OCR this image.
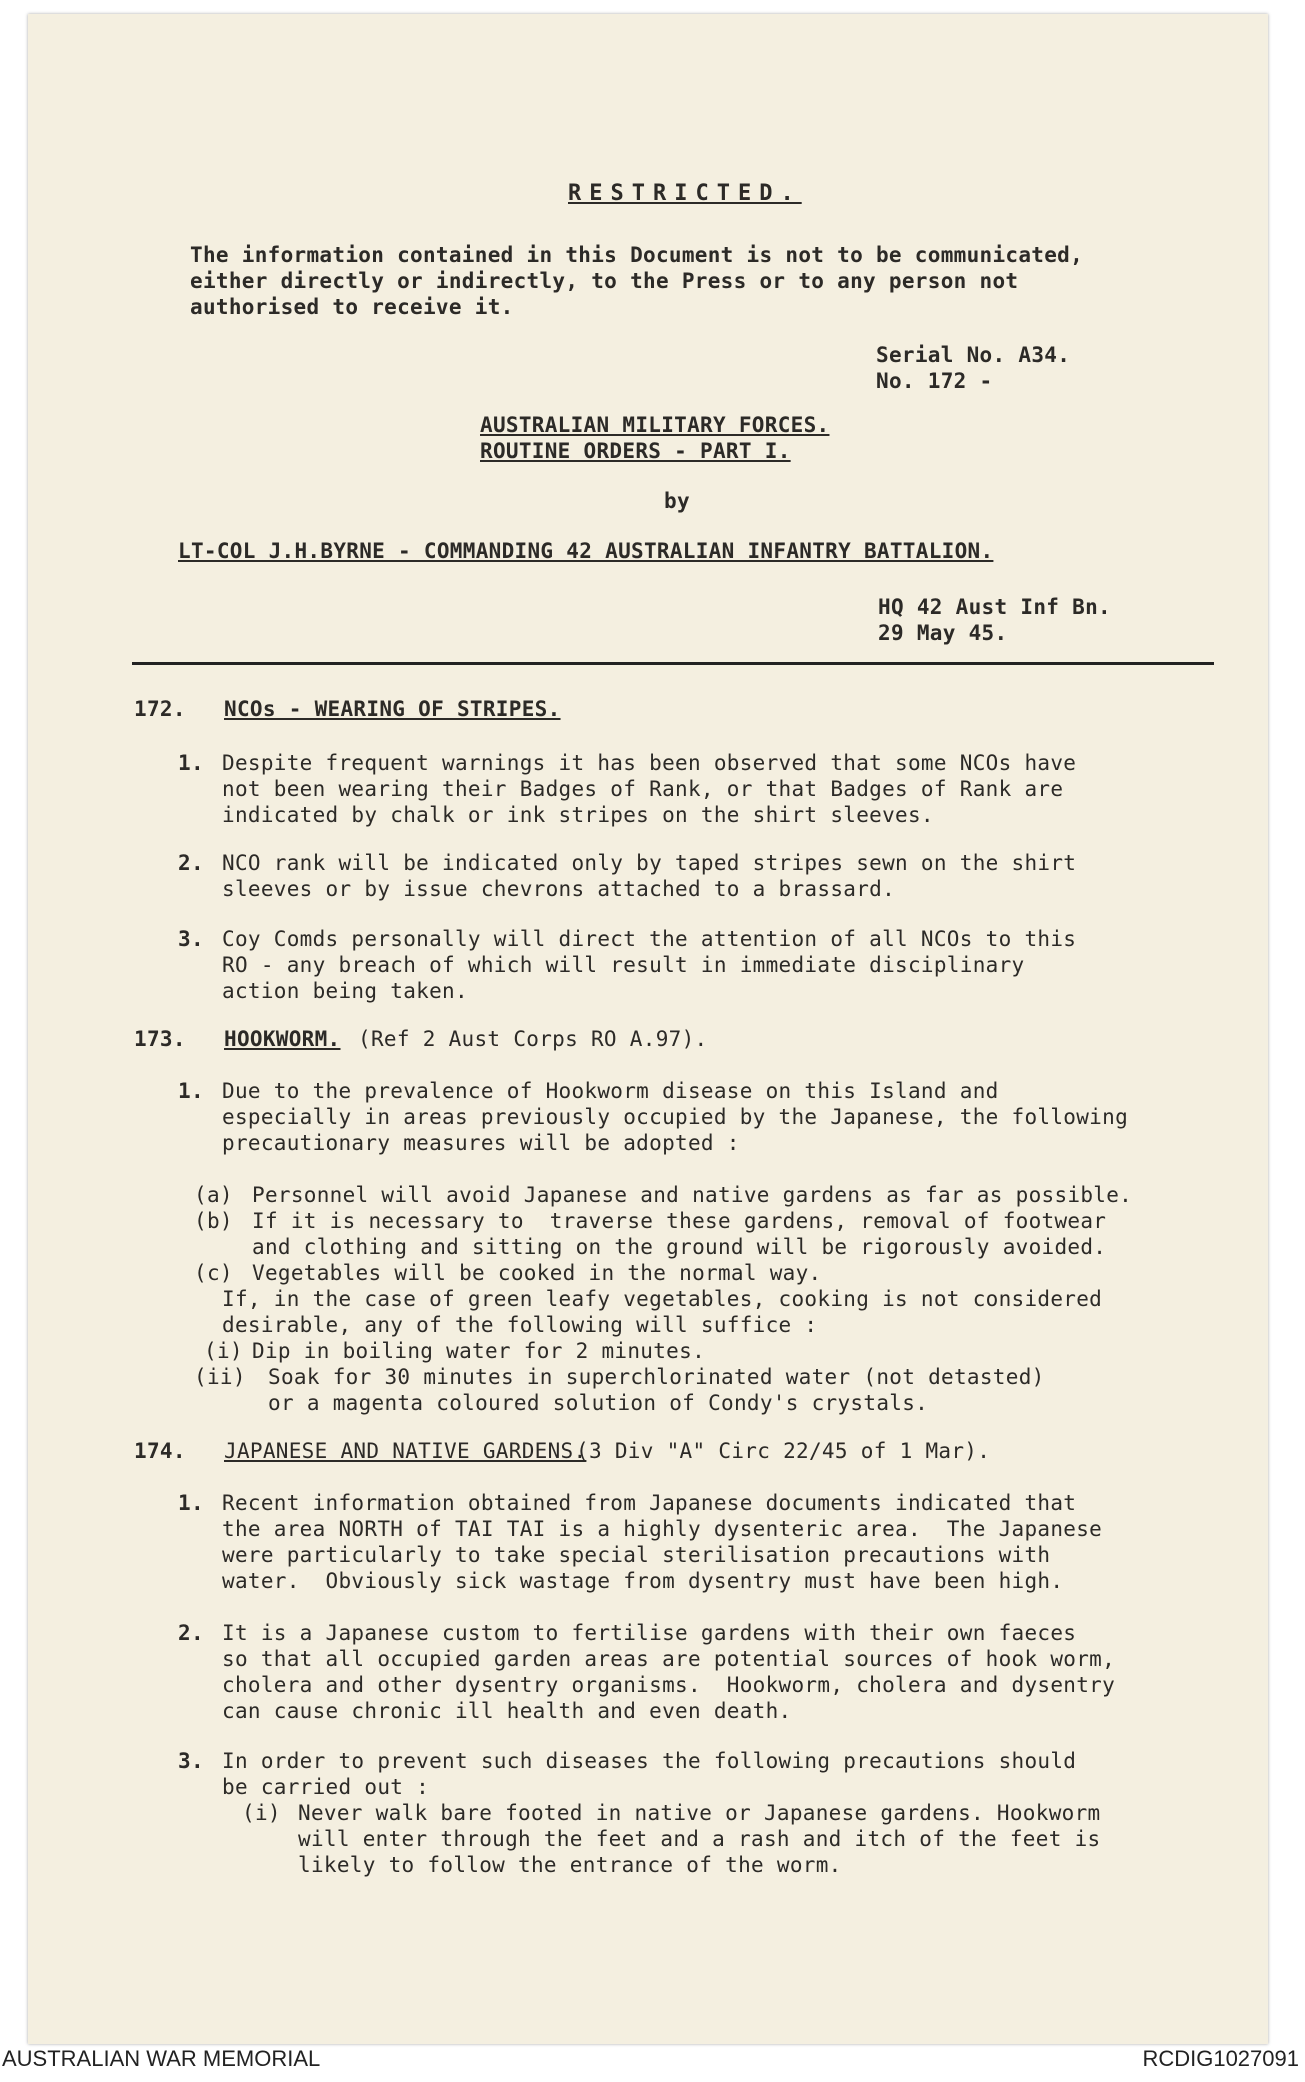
RESTRICTED.
The information contained in this Document is not to be communicated,
either directly or indirectly, to the Press or to any person not
authorised to receive it.
Serial No. A34.
No. 172 -
AUSTRALIAN MILITARY FORCES.
ROUTINE ORDERS - PART I.
by
LT-COL J.H.BYRNE - COMMANDING 42 AUSTRALIAN INFANTRY BATTALION.
HQ 42 Aust Inf Bn.
29 May 45.
172. NCOs - WEARING OF STRIPES.
1. Despite frequent warnings it has been observed that some NCOs have
not been wearing their Badges of Rank, or that Badges of Rank are
indicated by chalk or ink stripes on the shirt sleeves.
2. NCO rank will be indicated only by taped stripes sewn on the shirt
sleeves or by issue chevrons attached to a brassard.
3. Coy Comds personally will direct the attention of all NCOs to this
RO - any breach of which will result in immediate disciplinary
action being taken.
173. HOOKWORM. (Ref 2 Aust Corps RO A.97).
1. Due to the prevalence of Hookworm disease on this Island and
especially in areas previously occupied by the Japanese, the following
precautionary measures will be adopted :
(a) Personnel will avoid Japanese and native gardens as far as possible.
(b) If it is necessary to  traverse these gardens, removal of footwear
and clothing and sitting on the ground will be rigorously avoided.
(c) Vegetables will be cooked in the normal way.
If, in the case of green leafy vegetables, cooking is not considered
desirable, any of the following will suffice :
(i) Dip in boiling water for 2 minutes.
(ii) Soak for 30 minutes in superchlorinated water (not detasted)
or a magenta coloured solution of Condy's crystals.
174. JAPANESE AND NATIVE GARDENS.
(3 Div "A" Circ 22/45 of 1 Mar).
1. Recent information obtained from Japanese documents indicated that
the area NORTH of TAI TAI is a highly dysenteric area.  The Japanese
were particularly to take special sterilisation precautions with
water.  Obviously sick wastage from dysentry must have been high.
2. It is a Japanese custom to fertilise gardens with their own faeces
so that all occupied garden areas are potential sources of hook worm,
cholera and other dysentry organisms.  Hookworm, cholera and dysentry
can cause chronic ill health and even death.
3. In order to prevent such diseases the following precautions should
be carried out :
(i) Never walk bare footed in native or Japanese gardens. Hookworm
will enter through the feet and a rash and itch of the feet is
likely to follow the entrance of the worm.
AUSTRALIAN WAR MEMORIAL	RCDIG1027091
